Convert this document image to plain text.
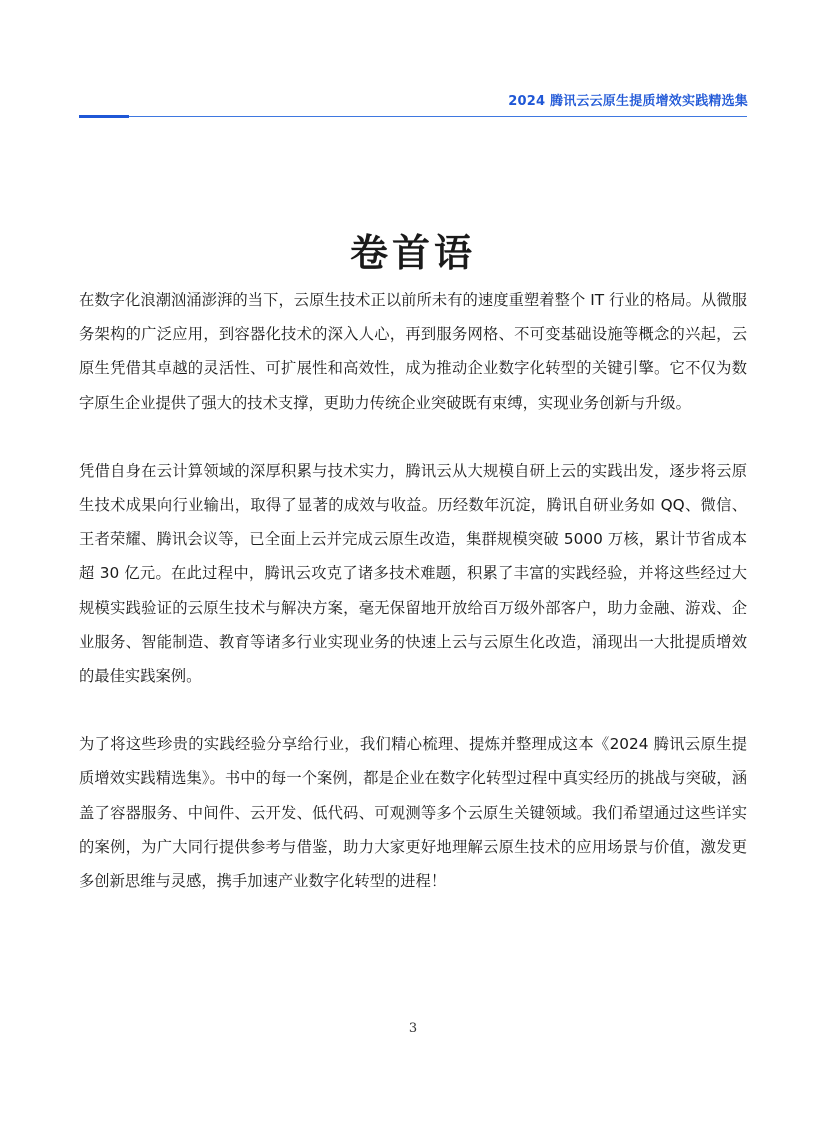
2024 腾讯云云原生提质增效实践精选集
卷首语

在数字化浪潮汹涌澎湃的当下，云原生技术正以前所未有的速度重塑着整个 IT 行业的格局。从微服务架构的广泛应用，到容器化技术的深入人心，再到服务网格、不可变基础设施等概念的兴起，云原生凭借其卓越的灵活性、可扩展性和高效性，成为推动企业数字化转型的关键引擎。它不仅为数字原生企业提供了强大的技术支撑，更助力传统企业突破既有束缚，实现业务创新与升级。

凭借自身在云计算领域的深厚积累与技术实力，腾讯云从大规模自研上云的实践出发，逐步将云原生技术成果向行业输出，取得了显著的成效与收益。历经数年沉淀，腾讯自研业务如 QQ、微信、王者荣耀、腾讯会议等，已全面上云并完成云原生改造，集群规模突破 5000 万核，累计节省成本超 30 亿元。在此过程中，腾讯云攻克了诸多技术难题，积累了丰富的实践经验，并将这些经过大规模实践验证的云原生技术与解决方案，毫无保留地开放给百万级外部客户，助力金融、游戏、企业服务、智能制造、教育等诸多行业实现业务的快速上云与云原生化改造，涌现出一大批提质增效的最佳实践案例。

为了将这些珍贵的实践经验分享给行业，我们精心梳理、提炼并整理成这本《2024 腾讯云原生提质增效实践精选集》。书中的每一个案例，都是企业在数字化转型过程中真实经历的挑战与突破，涵盖了容器服务、中间件、云开发、低代码、可观测等多个云原生关键领域。我们希望通过这些详实的案例，为广大同行提供参考与借鉴，助力大家更好地理解云原生技术的应用场景与价值，激发更多创新思维与灵感，携手加速产业数字化转型的进程！

3
